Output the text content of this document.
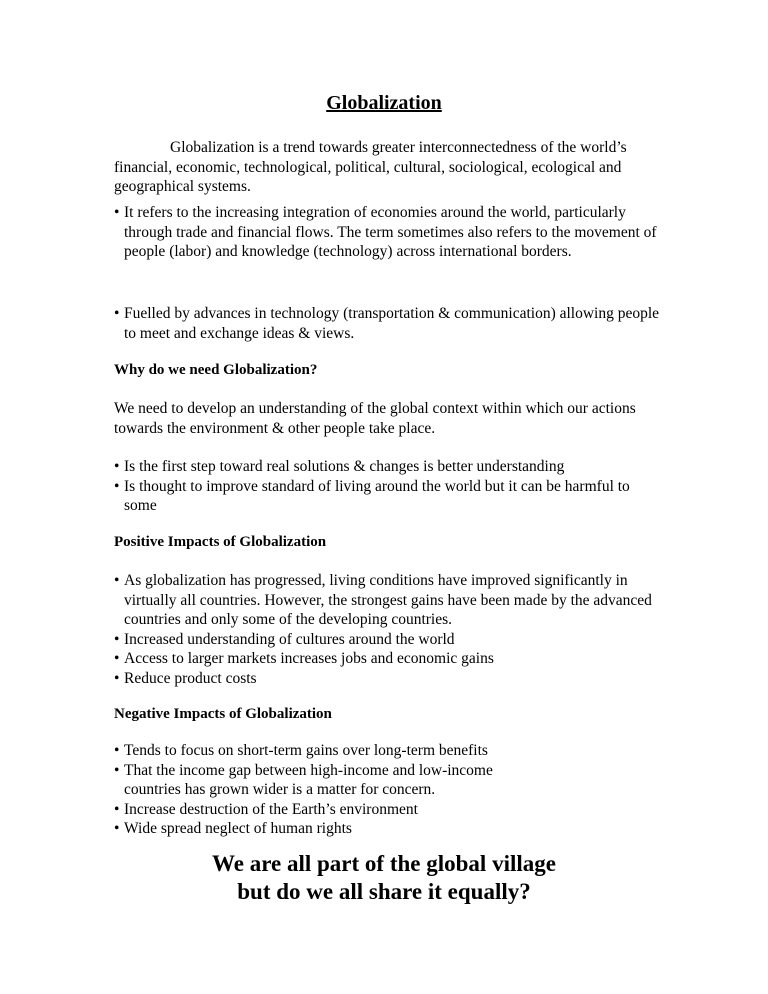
Globalization
Globalization is a trend towards greater interconnectedness of the world’s financial, economic, technological, political, cultural, sociological, ecological and geographical systems.
• It refers to the increasing integration of economies around the world, particularly through trade and financial flows. The term sometimes also refers to the movement of people (labor) and knowledge (technology) across international borders.
• Fuelled by advances in technology (transportation & communication) allowing people to meet and exchange ideas & views.
Why do we need Globalization?
We need to develop an understanding of the global context within which our actions towards the environment & other people take place.
• Is the first step toward real solutions & changes is better understanding
• Is thought to improve standard of living around the world but it can be harmful to some
Positive Impacts of Globalization
• As globalization has progressed, living conditions have improved significantly in virtually all countries. However, the strongest gains have been made by the advanced countries and only some of the developing countries.
• Increased understanding of cultures around the world
• Access to larger markets increases jobs and economic gains
• Reduce product costs
Negative Impacts of Globalization
• Tends to focus on short-term gains over long-term benefits
• That the income gap between high-income and low-income countries has grown wider is a matter for concern.
• Increase destruction of the Earth’s environment
• Wide spread neglect of human rights
We are all part of the global village
but do we all share it equally?
